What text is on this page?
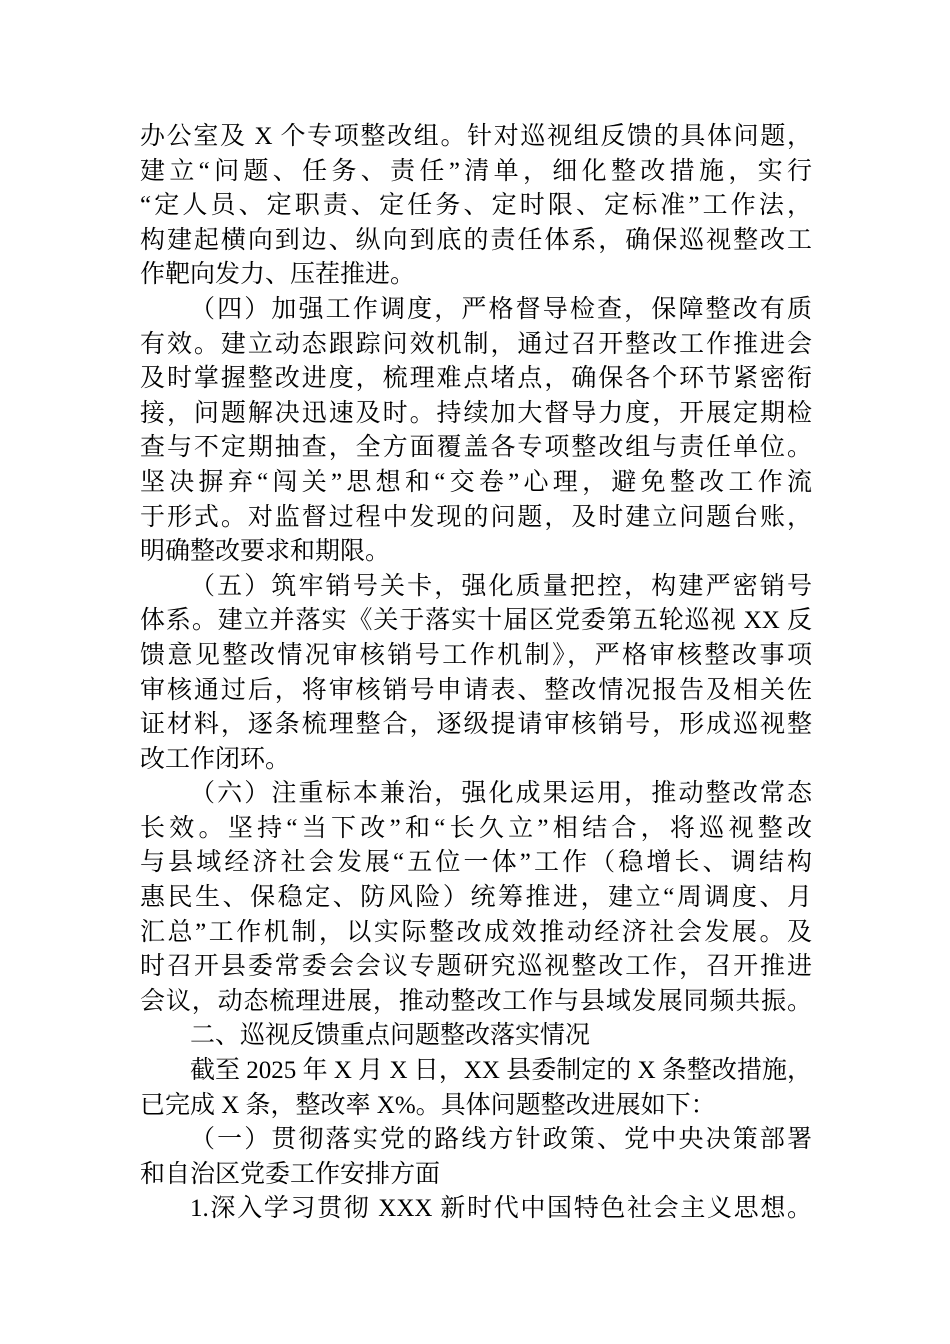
办公室及 X 个专项整改组。针对巡视组反馈的具体问题，
建立“问题、任务、责任”清单，细化整改措施，实行
“定人员、定职责、定任务、定时限、定标准”工作法，
构建起横向到边、纵向到底的责任体系，确保巡视整改工
作靶向发力、压茬推进。
（四）加强工作调度，严格督导检查，保障整改有质
有效。建立动态跟踪问效机制，通过召开整改工作推进会
及时掌握整改进度，梳理难点堵点，确保各个环节紧密衔
接，问题解决迅速及时。持续加大督导力度，开展定期检
查与不定期抽查，全方面覆盖各专项整改组与责任单位。
坚决摒弃“闯关”思想和“交卷”心理，避免整改工作流
于形式。对监督过程中发现的问题，及时建立问题台账，
明确整改要求和期限。
（五）筑牢销号关卡，强化质量把控，构建严密销号
体系。建立并落实《关于落实十届区党委第五轮巡视 XX 反
馈意见整改情况审核销号工作机制》，严格审核整改事项
审核通过后，将审核销号申请表、整改情况报告及相关佐
证材料，逐条梳理整合，逐级提请审核销号，形成巡视整
改工作闭环。
（六）注重标本兼治，强化成果运用，推动整改常态
长效。坚持“当下改”和“长久立”相结合，将巡视整改
与县域经济社会发展“五位一体”工作（稳增长、调结构
惠民生、保稳定、防风险）统筹推进，建立“周调度、月
汇总”工作机制，以实际整改成效推动经济社会发展。及
时召开县委常委会会议专题研究巡视整改工作，召开推进
会议，动态梳理进展，推动整改工作与县域发展同频共振。
二、巡视反馈重点问题整改落实情况
截至 2025 年 X 月 X 日，XX 县委制定的 X 条整改措施，
已完成 X 条，整改率 X%。具体问题整改进展如下：
（一）贯彻落实党的路线方针政策、党中央决策部署
和自治区党委工作安排方面
1.深入学习贯彻 XXX 新时代中国特色社会主义思想。
